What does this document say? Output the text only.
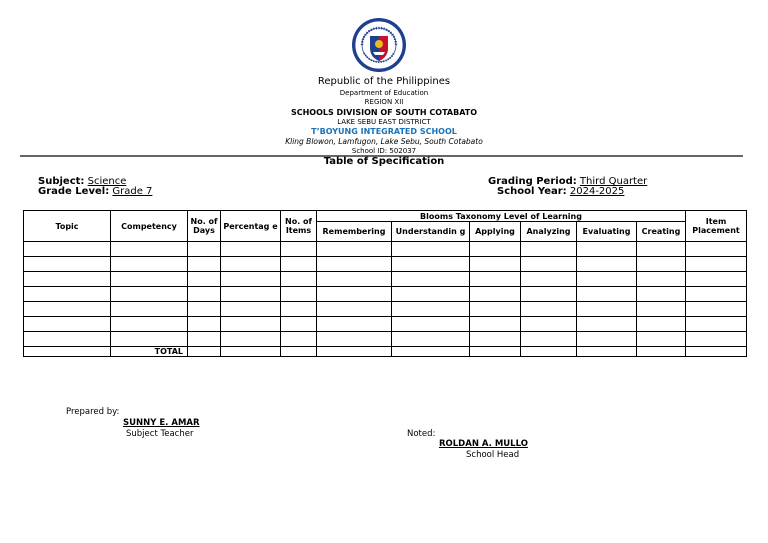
Republic of the Philippines
Department of Education
REGION XII
SCHOOLS DIVISION OF SOUTH COTABATO
LAKE SEBU EAST DISTRICT
T’BOYUNG INTEGRATED SCHOOL
Kling Blowon, Lamfugon, Lake Sebu, South Cotabato
School ID: 502037
Table of Specification
Subject: Science
Grade Level: Grade 7
Grading Period: Third Quarter
School Year: 2024-2025
Topic	Competency	No. of Days	Percentag e	No. of Items	Blooms Taxonomy Level of Learning						Item Placement
					Remembering	Understandin g	Applying	Analyzing	Evaluating	Creating	

	TOTAL										
Prepared by:
SUNNY E. AMAR
Subject Teacher	Noted:
ROLDAN A. MULLO
School Head
